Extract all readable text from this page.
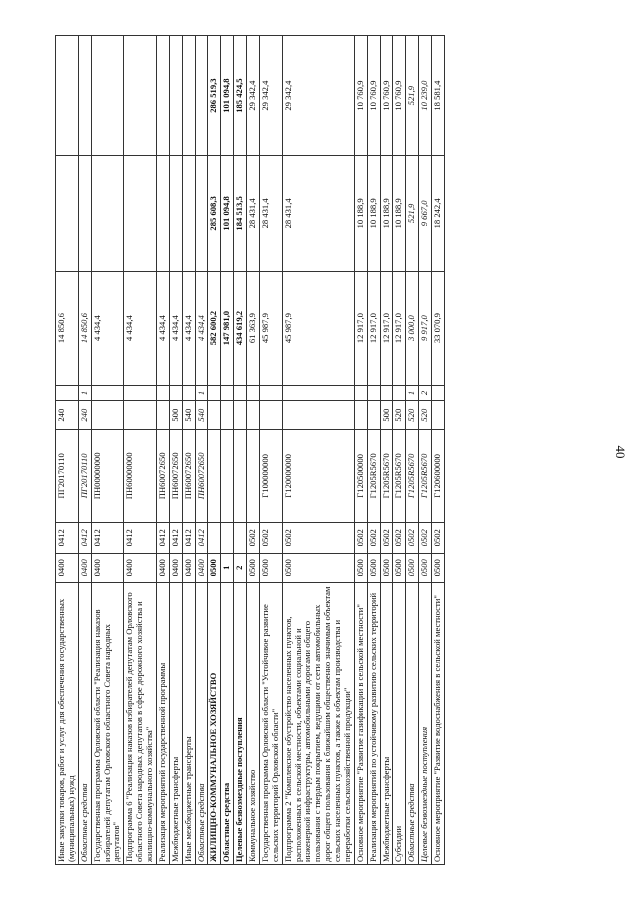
40
Иные закупки товаров, работ и услуг для обеспечения государственных (муниципальных) нужд	0400	0412	ПГ20170110	240		14 850,6		
Областные средства	0400	0412	ПГ20170110	240	1	14 850,6		
Государственная программа Орловской области "Реализация наказов избирателей депутатам Орловского областного Совета народных депутатов"	0400	0412	ПН00000000			4 434,4		
Подпрограмма 6 "Реализация наказов избирателей депутатам Орловского областного Совета народных депутатов в сфере дорожного хозяйства и жилищно-коммунального хозяйства"	0400	0412	ПН60000000			4 434,4		
Реализация мероприятий государственной программы	0400	0412	ПН60072650			4 434,4		
Межбюджетные трансферты	0400	0412	ПН60072650	500		4 434,4		
Иные межбюджетные трансферты	0400	0412	ПН60072650	540		4 434,4		
Областные средства	0400	0412	ПН60072650	540	1	4 434,4		
ЖИЛИЩНО-КОММУНАЛЬНОЕ ХОЗЯЙСТВО	0500					582 600,2	285 608,3	286 519,3
Областные средства	1					147 981,0	101 094,8	101 094,8
Целевые безвозмездные поступления	2					434 619,2	184 513,5	185 424,5
Коммунальное хозяйство	0500	0502				61 363,9	28 431,4	29 342,4
Государственная программа Орловской области "Устойчивое развитие сельских территорий Орловской области"	0500	0502	Г100000000			45 987,9	28 431,4	29 342,4
Подпрограмма 2 "Комплексное обустройство населенных пунктов, расположенных в сельской местности, объектами социальной и инженерной инфраструктуры, автомобильными дорогами общего пользования с твердым покрытием, ведущими от сети автомобильных дорог общего пользования к ближайшим общественно значимым объектам сельских населенных пунктов, а также к объектам производства и переработки сельскохозяйственной продукции"	0500	0502	Г120000000			45 987,9	28 431,4	29 342,4
Основное мероприятие "Развитие газификации в сельской местности"	0500	0502	Г120500000			12 917,0	10 188,9	10 760,9
Реализация мероприятий по устойчивому развитию сельских территорий	0500	0502	Г1205R5670			12 917,0	10 188,9	10 760,9
Межбюджетные трансферты	0500	0502	Г1205R5670	500		12 917,0	10 188,9	10 760,9
Субсидии	0500	0502	Г1205R5670	520		12 917,0	10 188,9	10 760,9
Областные средства	0500	0502	Г1205R5670	520	1	3 000,0	521,9	521,9
Целевые безвозмездные поступления	0500	0502	Г1205R5670	520	2	9 917,0	9 667,0	10 239,0
Основное мероприятие "Развитие водоснабжения в сельской местности"	0500	0502	Г120600000			33 070,9	18 242,4	18 581,4
